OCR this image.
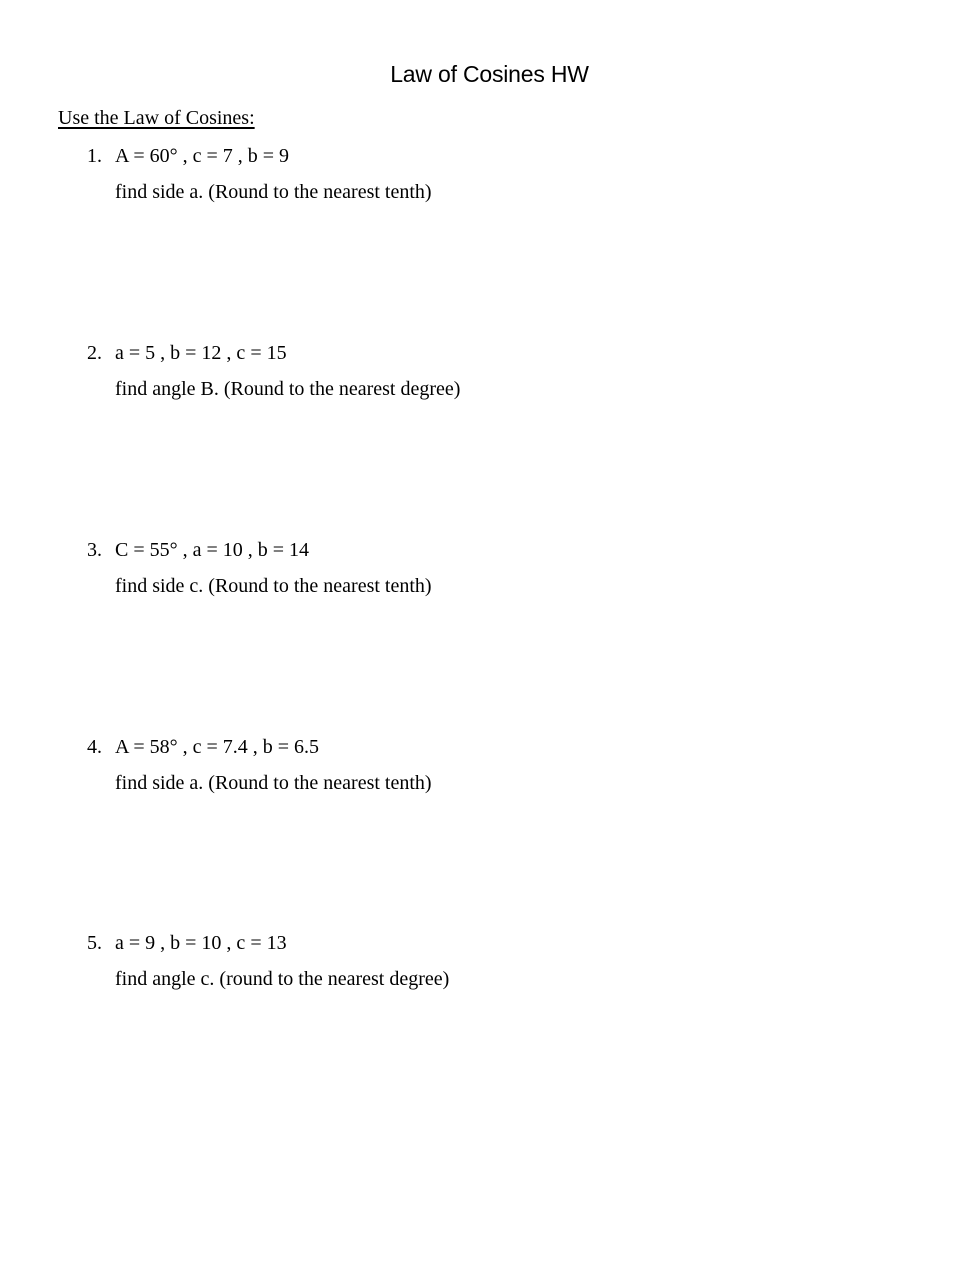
Law of Cosines HW
Use the Law of Cosines:
1. A = 60° , c = 7 , b = 9
find side a. (Round to the nearest tenth)
2. a = 5 , b = 12 , c = 15
find angle B. (Round to the nearest degree)
3. C = 55° , a = 10 , b = 14
find side c. (Round to the nearest tenth)
4. A = 58° , c = 7.4 , b = 6.5
find side a. (Round to the nearest tenth)
5. a = 9 , b = 10 , c = 13
find angle c. (round to the nearest degree)
